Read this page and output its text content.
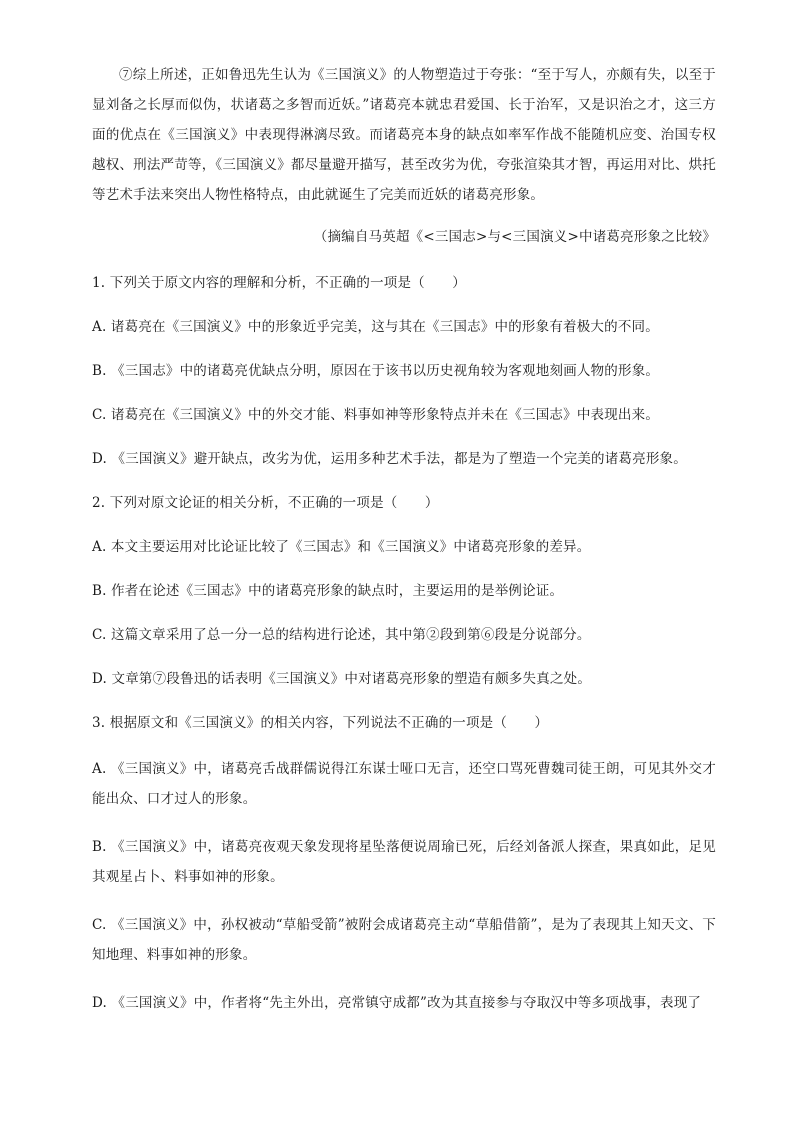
⑦综上所述，正如鲁迅先生认为《三国演义》的人物塑造过于夸张：“至于写人，亦颇有失，以至于显刘备之长厚而似伪，状诸葛之多智而近妖。”诸葛亮本就忠君爱国、长于治军，又是识治之才，这三方面的优点在《三国演义》中表现得淋漓尽致。而诸葛亮本身的缺点如率军作战不能随机应变、治国专权越权、刑法严苛等，《三国演义》都尽量避开描写，甚至改劣为优，夸张渲染其才智，再运用对比、烘托等艺术手法来突出人物性格特点，由此就诞生了完美而近妖的诸葛亮形象。

（摘编自马英超《<三国志>与<三国演义>中诸葛亮形象之比较》

1. 下列关于原文内容的理解和分析，不正确的一项是（　　）

A. 诸葛亮在《三国演义》中的形象近乎完美，这与其在《三国志》中的形象有着极大的不同。

B. 《三国志》中的诸葛亮优缺点分明，原因在于该书以历史视角较为客观地刻画人物的形象。

C. 诸葛亮在《三国演义》中的外交才能、料事如神等形象特点并未在《三国志》中表现出来。

D. 《三国演义》避开缺点，改劣为优，运用多种艺术手法，都是为了塑造一个完美的诸葛亮形象。

2. 下列对原文论证的相关分析，不正确的一项是（　　）

A. 本文主要运用对比论证比较了《三国志》和《三国演义》中诸葛亮形象的差异。

B. 作者在论述《三国志》中的诸葛亮形象的缺点时，主要运用的是举例论证。

C. 这篇文章采用了总一分一总的结构进行论述，其中第②段到第⑥段是分说部分。

D. 文章第⑦段鲁迅的话表明《三国演义》中对诸葛亮形象的塑造有颇多失真之处。

3. 根据原文和《三国演义》的相关内容，下列说法不正确的一项是（　　）

A. 《三国演义》中，诸葛亮舌战群儒说得江东谋士哑口无言，还空口骂死曹魏司徒王朗，可见其外交才能出众、口才过人的形象。

B. 《三国演义》中，诸葛亮夜观天象发现将星坠落便说周瑜已死，后经刘备派人探查，果真如此，足见其观星占卜、料事如神的形象。

C. 《三国演义》中，孙权被动“草船受箭”被附会成诸葛亮主动“草船借箭”，是为了表现其上知天文、下知地理、料事如神的形象。

D. 《三国演义》中，作者将“先主外出，亮常镇守成都”改为其直接参与夺取汉中等多项战事，表现了
